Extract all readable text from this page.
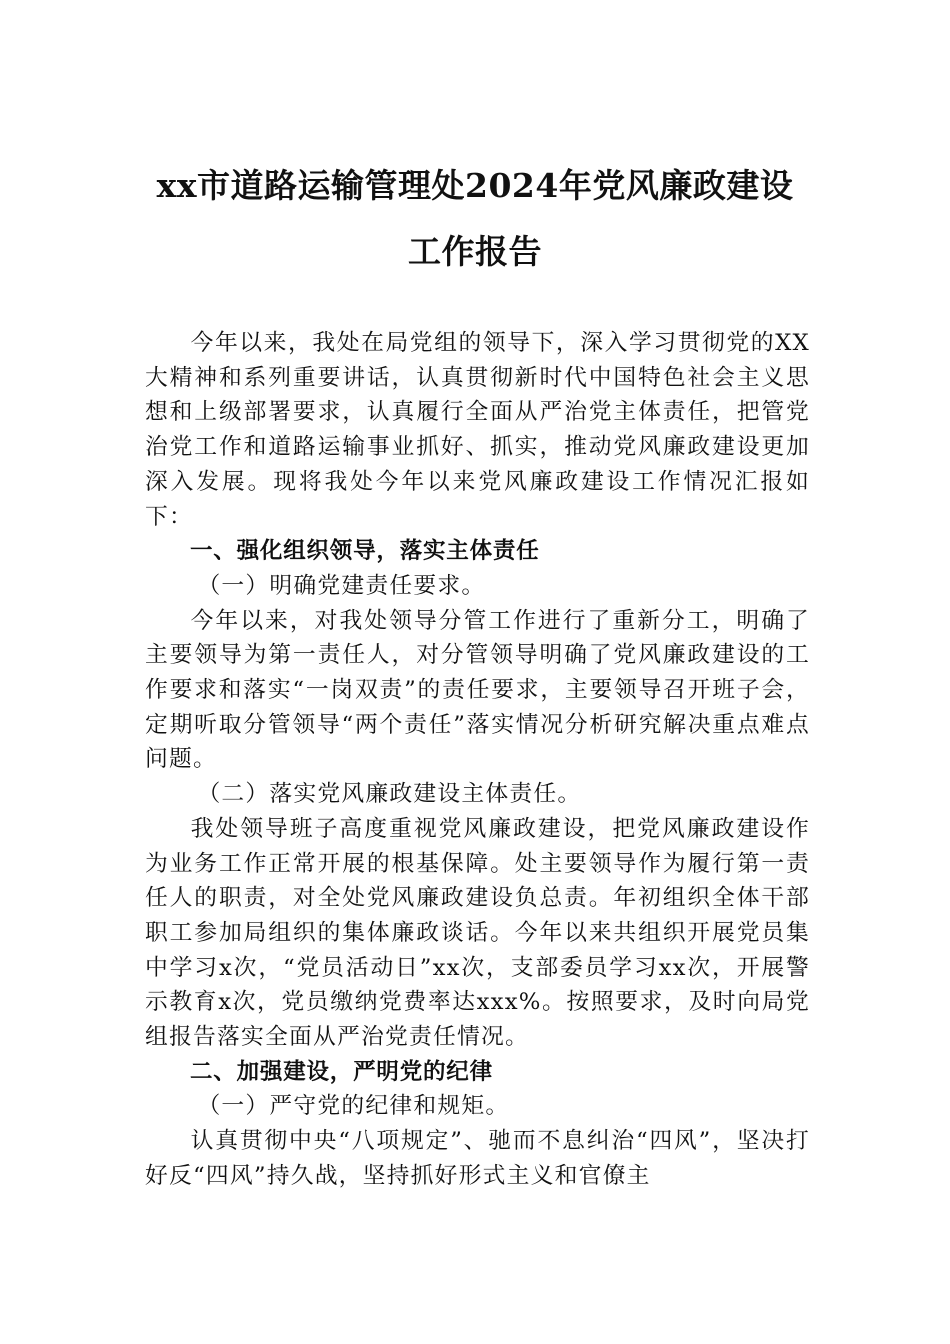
xx市道路运输管理处2024年党风廉政建设
工作报告

今年以来，我处在局党组的领导下，深入学习贯彻党的XX大精神和系列重要讲话，认真贯彻新时代中国特色社会主义思想和上级部署要求，认真履行全面从严治党主体责任，把管党治党工作和道路运输事业抓好、抓实，推动党风廉政建设更加深入发展。现将我处今年以来党风廉政建设工作情况汇报如下：

一、强化组织领导，落实主体责任

（一）明确党建责任要求。

今年以来，对我处领导分管工作进行了重新分工，明确了主要领导为第一责任人，对分管领导明确了党风廉政建设的工作要求和落实“一岗双责”的责任要求，主要领导召开班子会，定期听取分管领导“两个责任”落实情况分析研究解决重点难点问题。

（二）落实党风廉政建设主体责任。

我处领导班子高度重视党风廉政建设，把党风廉政建设作为业务工作正常开展的根基保障。处主要领导作为履行第一责任人的职责，对全处党风廉政建设负总责。年初组织全体干部职工参加局组织的集体廉政谈话。今年以来共组织开展党员集中学习x次，“党员活动日”xx次，支部委员学习xx次，开展警示教育x次，党员缴纳党费率达xxx%。按照要求，及时向局党组报告落实全面从严治党责任情况。

二、加强建设，严明党的纪律

（一）严守党的纪律和规矩。

认真贯彻中央“八项规定”、驰而不息纠治“四风”，坚决打好反“四风”持久战，坚持抓好形式主义和官僚主
